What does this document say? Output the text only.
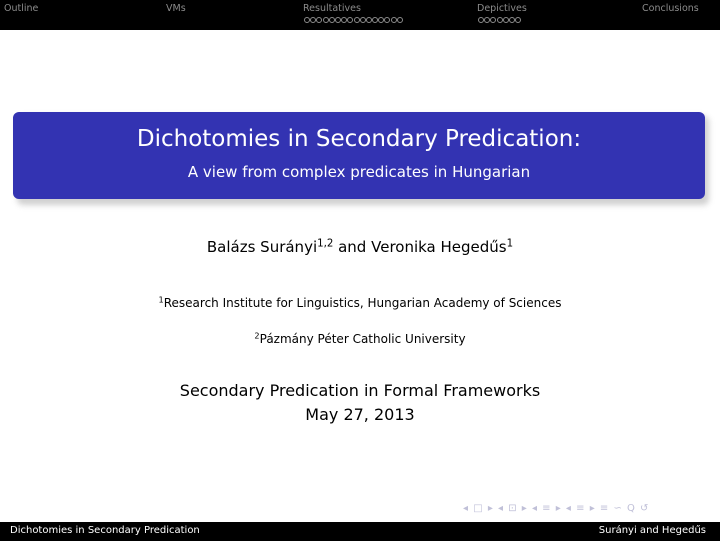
Outline	VMs	Resultatives	Depictives	Conclusions
Dichotomies in Secondary Predication:
A view from complex predicates in Hungarian
Balázs Surányi$^{1,2}$ and Veronika Hegedűs$^1$
$^1$Research Institute for Linguistics, Hungarian Academy of Sciences
$^2$Pázmány Péter Catholic University
Secondary Predication in Formal Frameworks
May 27, 2013
◂ □ ▸ ◂ ⊡ ▸ ◂ ≡ ▸ ◂ ≡ ▸ ≡ ∽ ⁠Q ⁠⁠↺
Dichotomies in Secondary Predication	Surányi and Hegedűs
